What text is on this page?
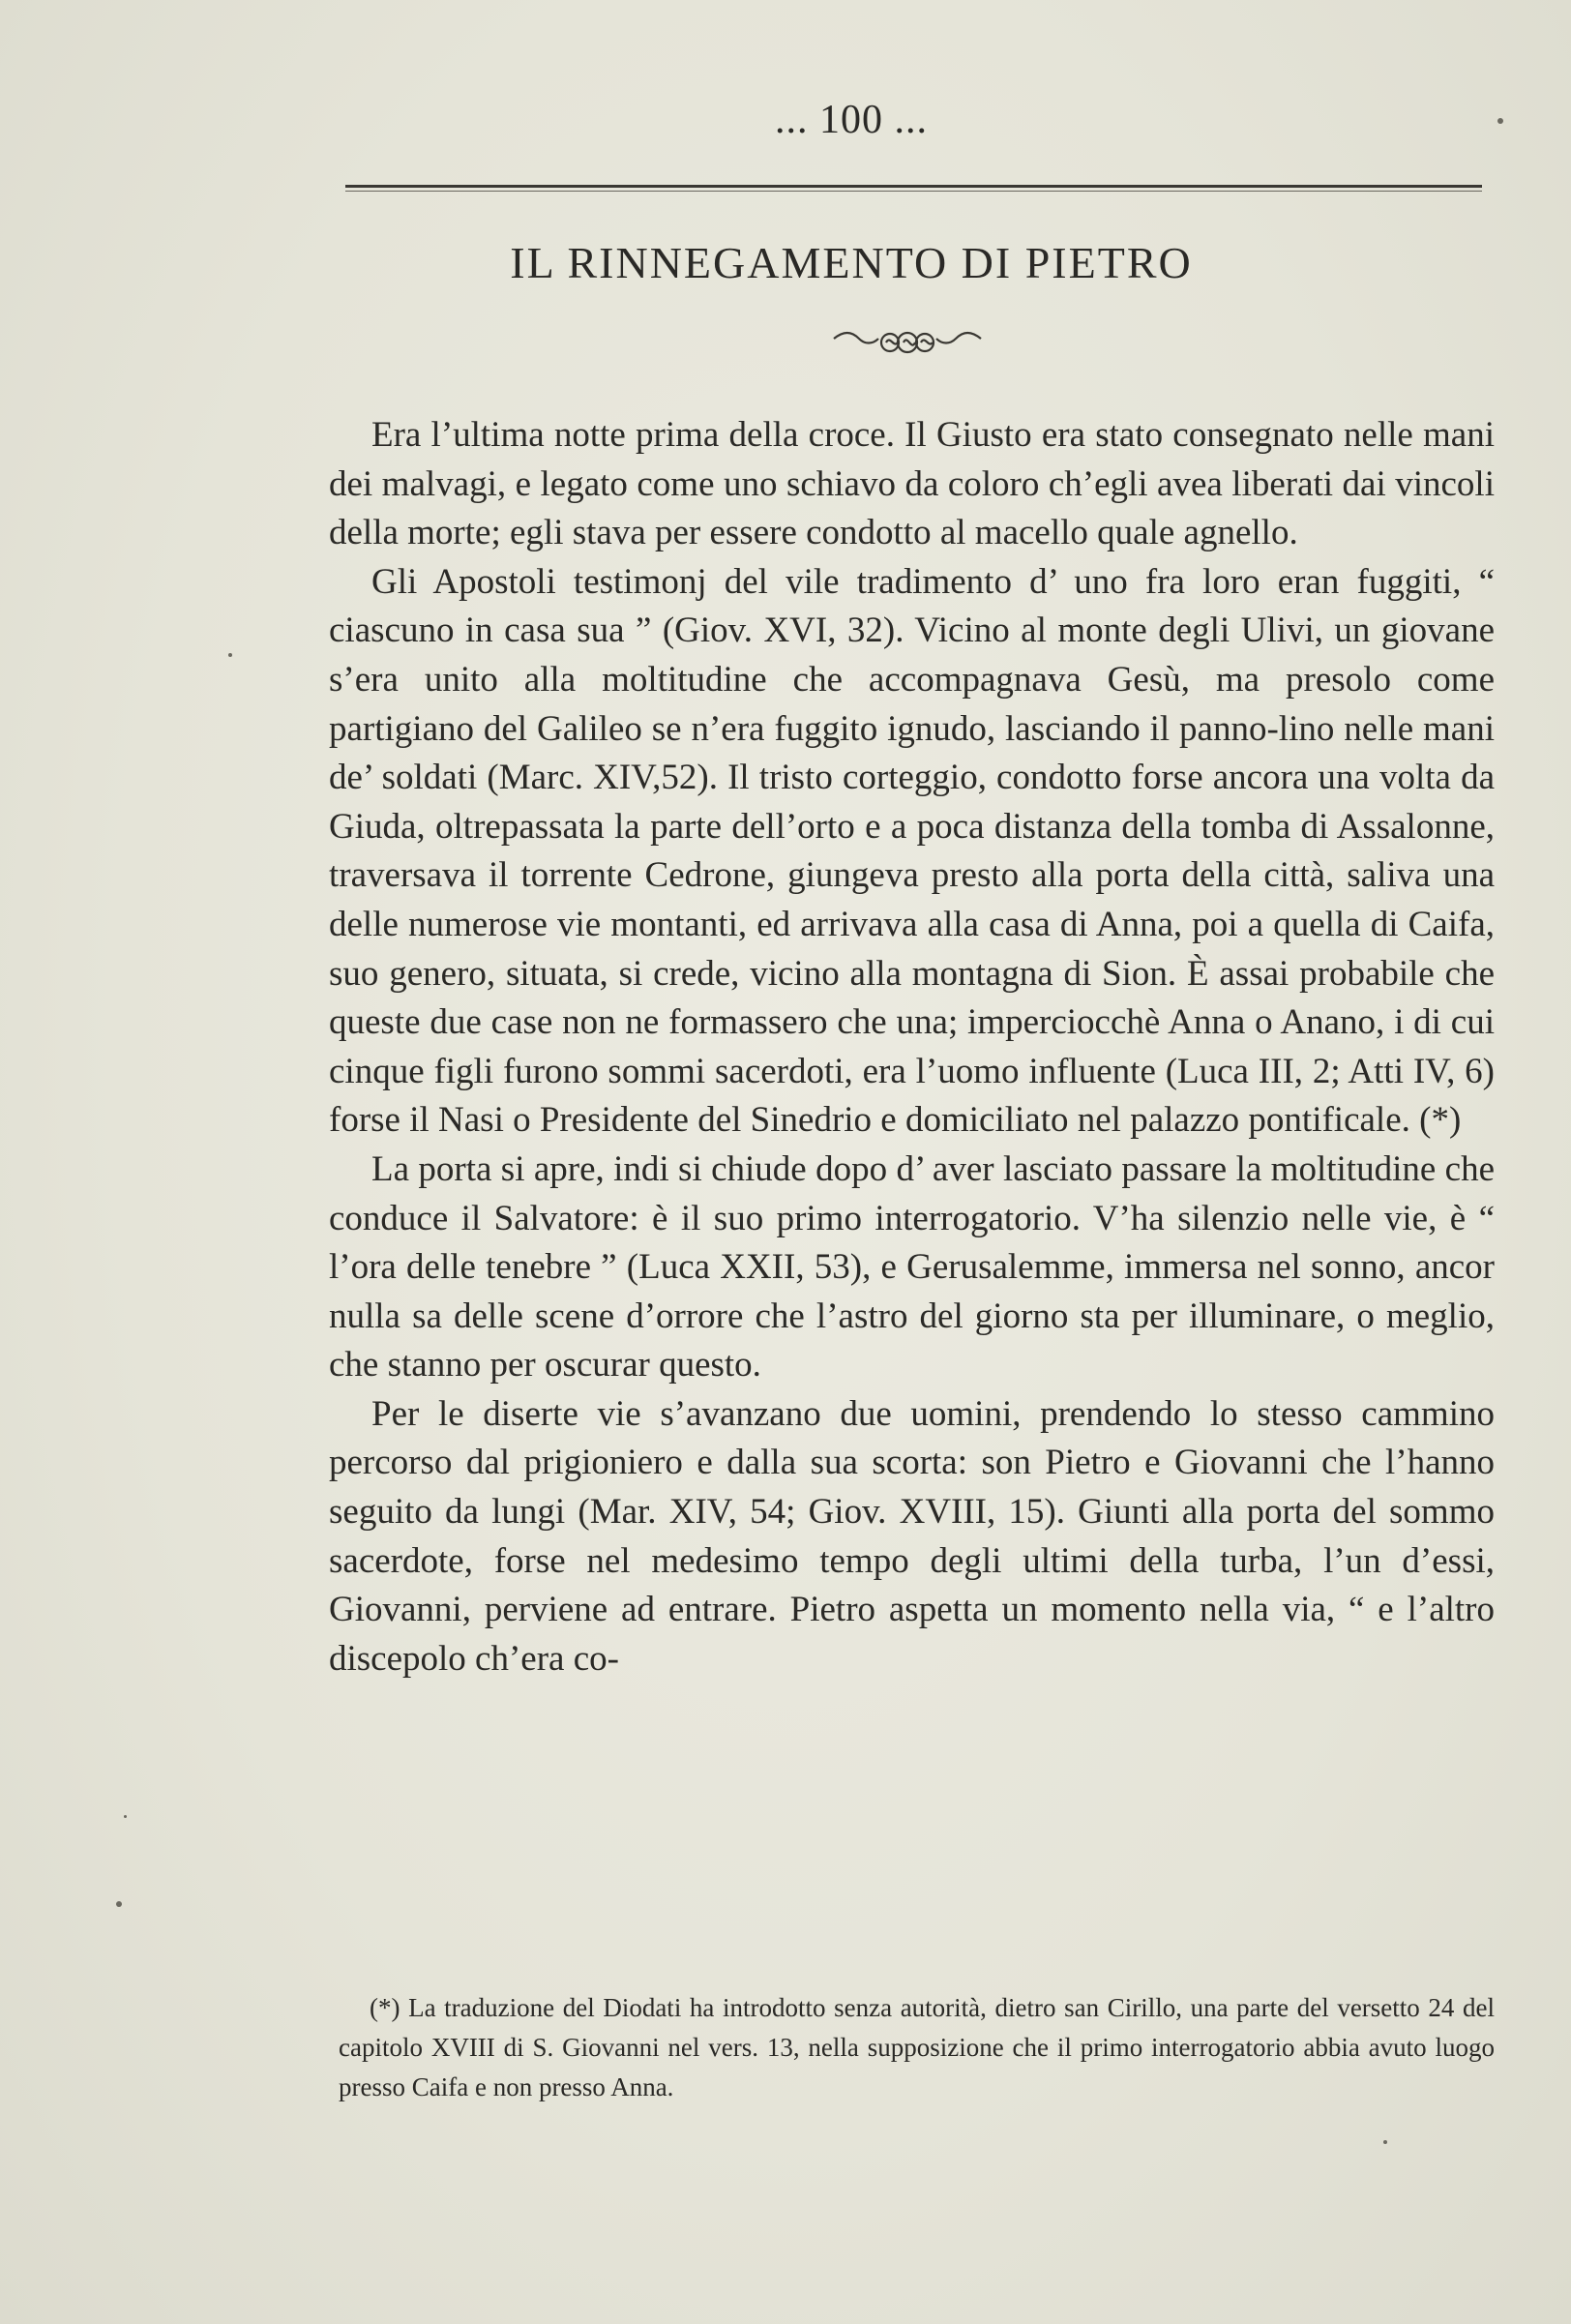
... 100 ...
IL RINNEGAMENTO DI PIETRO

Era l’ultima notte prima della croce. Il Giusto era stato consegnato nelle mani dei malvagi, e legato come uno schiavo da coloro ch’egli avea liberati dai vincoli della morte; egli stava per essere condotto al macello quale agnello.

Gli Apostoli testimonj del vile tradimento d’ uno fra loro eran fuggiti, “ ciascuno in casa sua ” (Giov. XVI, 32). Vicino al monte degli Ulivi, un giovane s’era unito alla moltitudine che accompagnava Gesù, ma presolo come partigiano del Galileo se n’era fuggito ignudo, lasciando il panno-lino nelle mani de’ soldati (Marc. XIV,52). Il tristo corteggio, condotto forse ancora una volta da Giuda, oltrepassata la parte dell’orto e a poca distanza della tomba di Assalonne, traversava il torrente Cedrone, giungeva presto alla porta della città, saliva una delle numerose vie montanti, ed arrivava alla casa di Anna, poi a quella di Caifa, suo genero, situata, si crede, vicino alla montagna di Sion. È assai probabile che queste due case non ne formassero che una; imperciocchè Anna o Anano, i di cui cinque figli furono sommi sacerdoti, era l’uomo influente (Luca III, 2; Atti IV, 6) forse il Nasi o Presidente del Sinedrio e domiciliato nel palazzo pontificale. (*)

La porta si apre, indi si chiude dopo d’ aver lasciato passare la moltitudine che conduce il Salvatore: è il suo primo interrogatorio. V’ha silenzio nelle vie, è “ l’ora delle tenebre ” (Luca XXII, 53), e Gerusalemme, immersa nel sonno, ancor nulla sa delle scene d’orrore che l’astro del giorno sta per illuminare, o meglio, che stanno per oscurar questo.

Per le diserte vie s’avanzano due uomini, prendendo lo stesso cammino percorso dal prigioniero e dalla sua scorta: son Pietro e Giovanni che l’hanno seguito da lungi (Mar. XIV, 54; Giov. XVIII, 15). Giunti alla porta del sommo sacerdote, forse nel medesimo tempo degli ultimi della turba, l’un d’essi, Giovanni, perviene ad entrare. Pietro aspetta un momento nella via, “ e l’altro discepolo ch’era co-

(*) La traduzione del Diodati ha introdotto senza autorità, dietro san Cirillo, una parte del versetto 24 del capitolo XVIII di S. Giovanni nel vers. 13, nella supposizione che il primo interrogatorio abbia avuto luogo presso Caifa e non presso Anna.
